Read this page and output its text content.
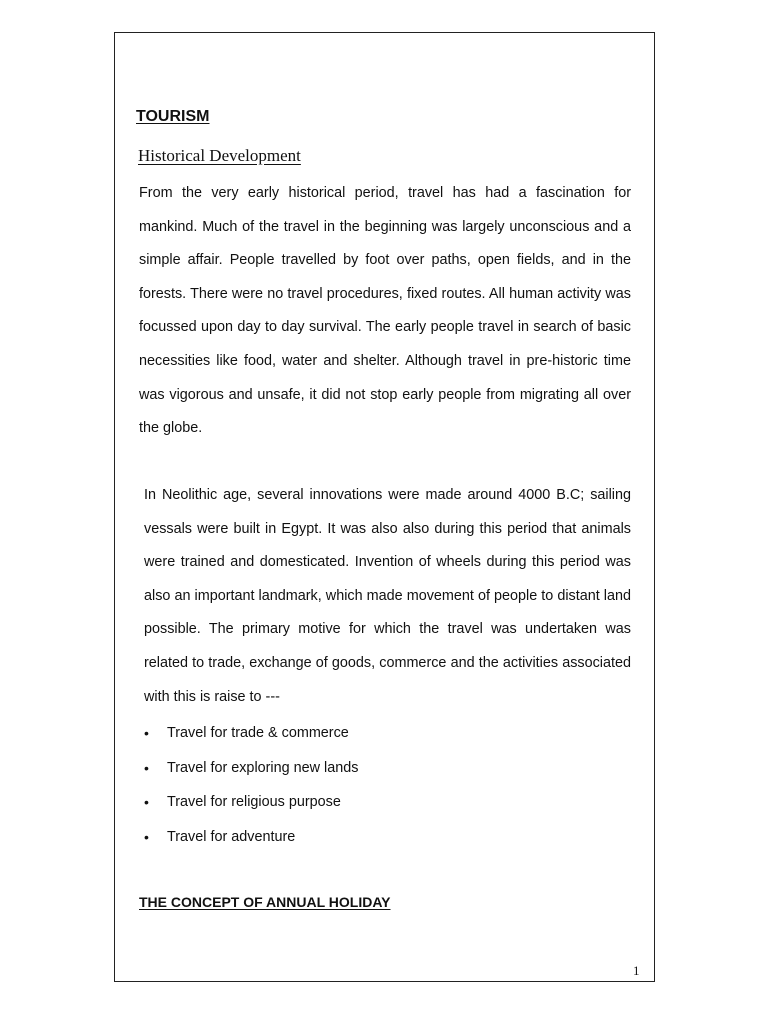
TOURISM
Historical Development

From the very early historical period, travel has had a fascination for mankind. Much of the travel in the beginning was largely unconscious and a simple affair. People travelled by foot over paths, open fields, and in the forests. There were no travel procedures, fixed routes. All human activity was focussed upon day to day survival. The early people travel in search of basic necessities like food, water and shelter. Although travel in pre-historic time was vigorous and unsafe, it did not stop early people from migrating all over the globe.

In Neolithic age, several innovations were made around 4000 B.C; sailing vessals were built in Egypt. It was also also during this period that animals were trained and domesticated. Invention of wheels during this period was also an important landmark, which made movement of people to distant land possible. The primary motive for which the travel was undertaken was related to trade, exchange of goods, commerce and the activities associated with this is raise to ---

• Travel for trade & commerce
• Travel for exploring new lands
• Travel for religious purpose
• Travel for adventure
THE CONCEPT OF ANNUAL HOLIDAY
1
